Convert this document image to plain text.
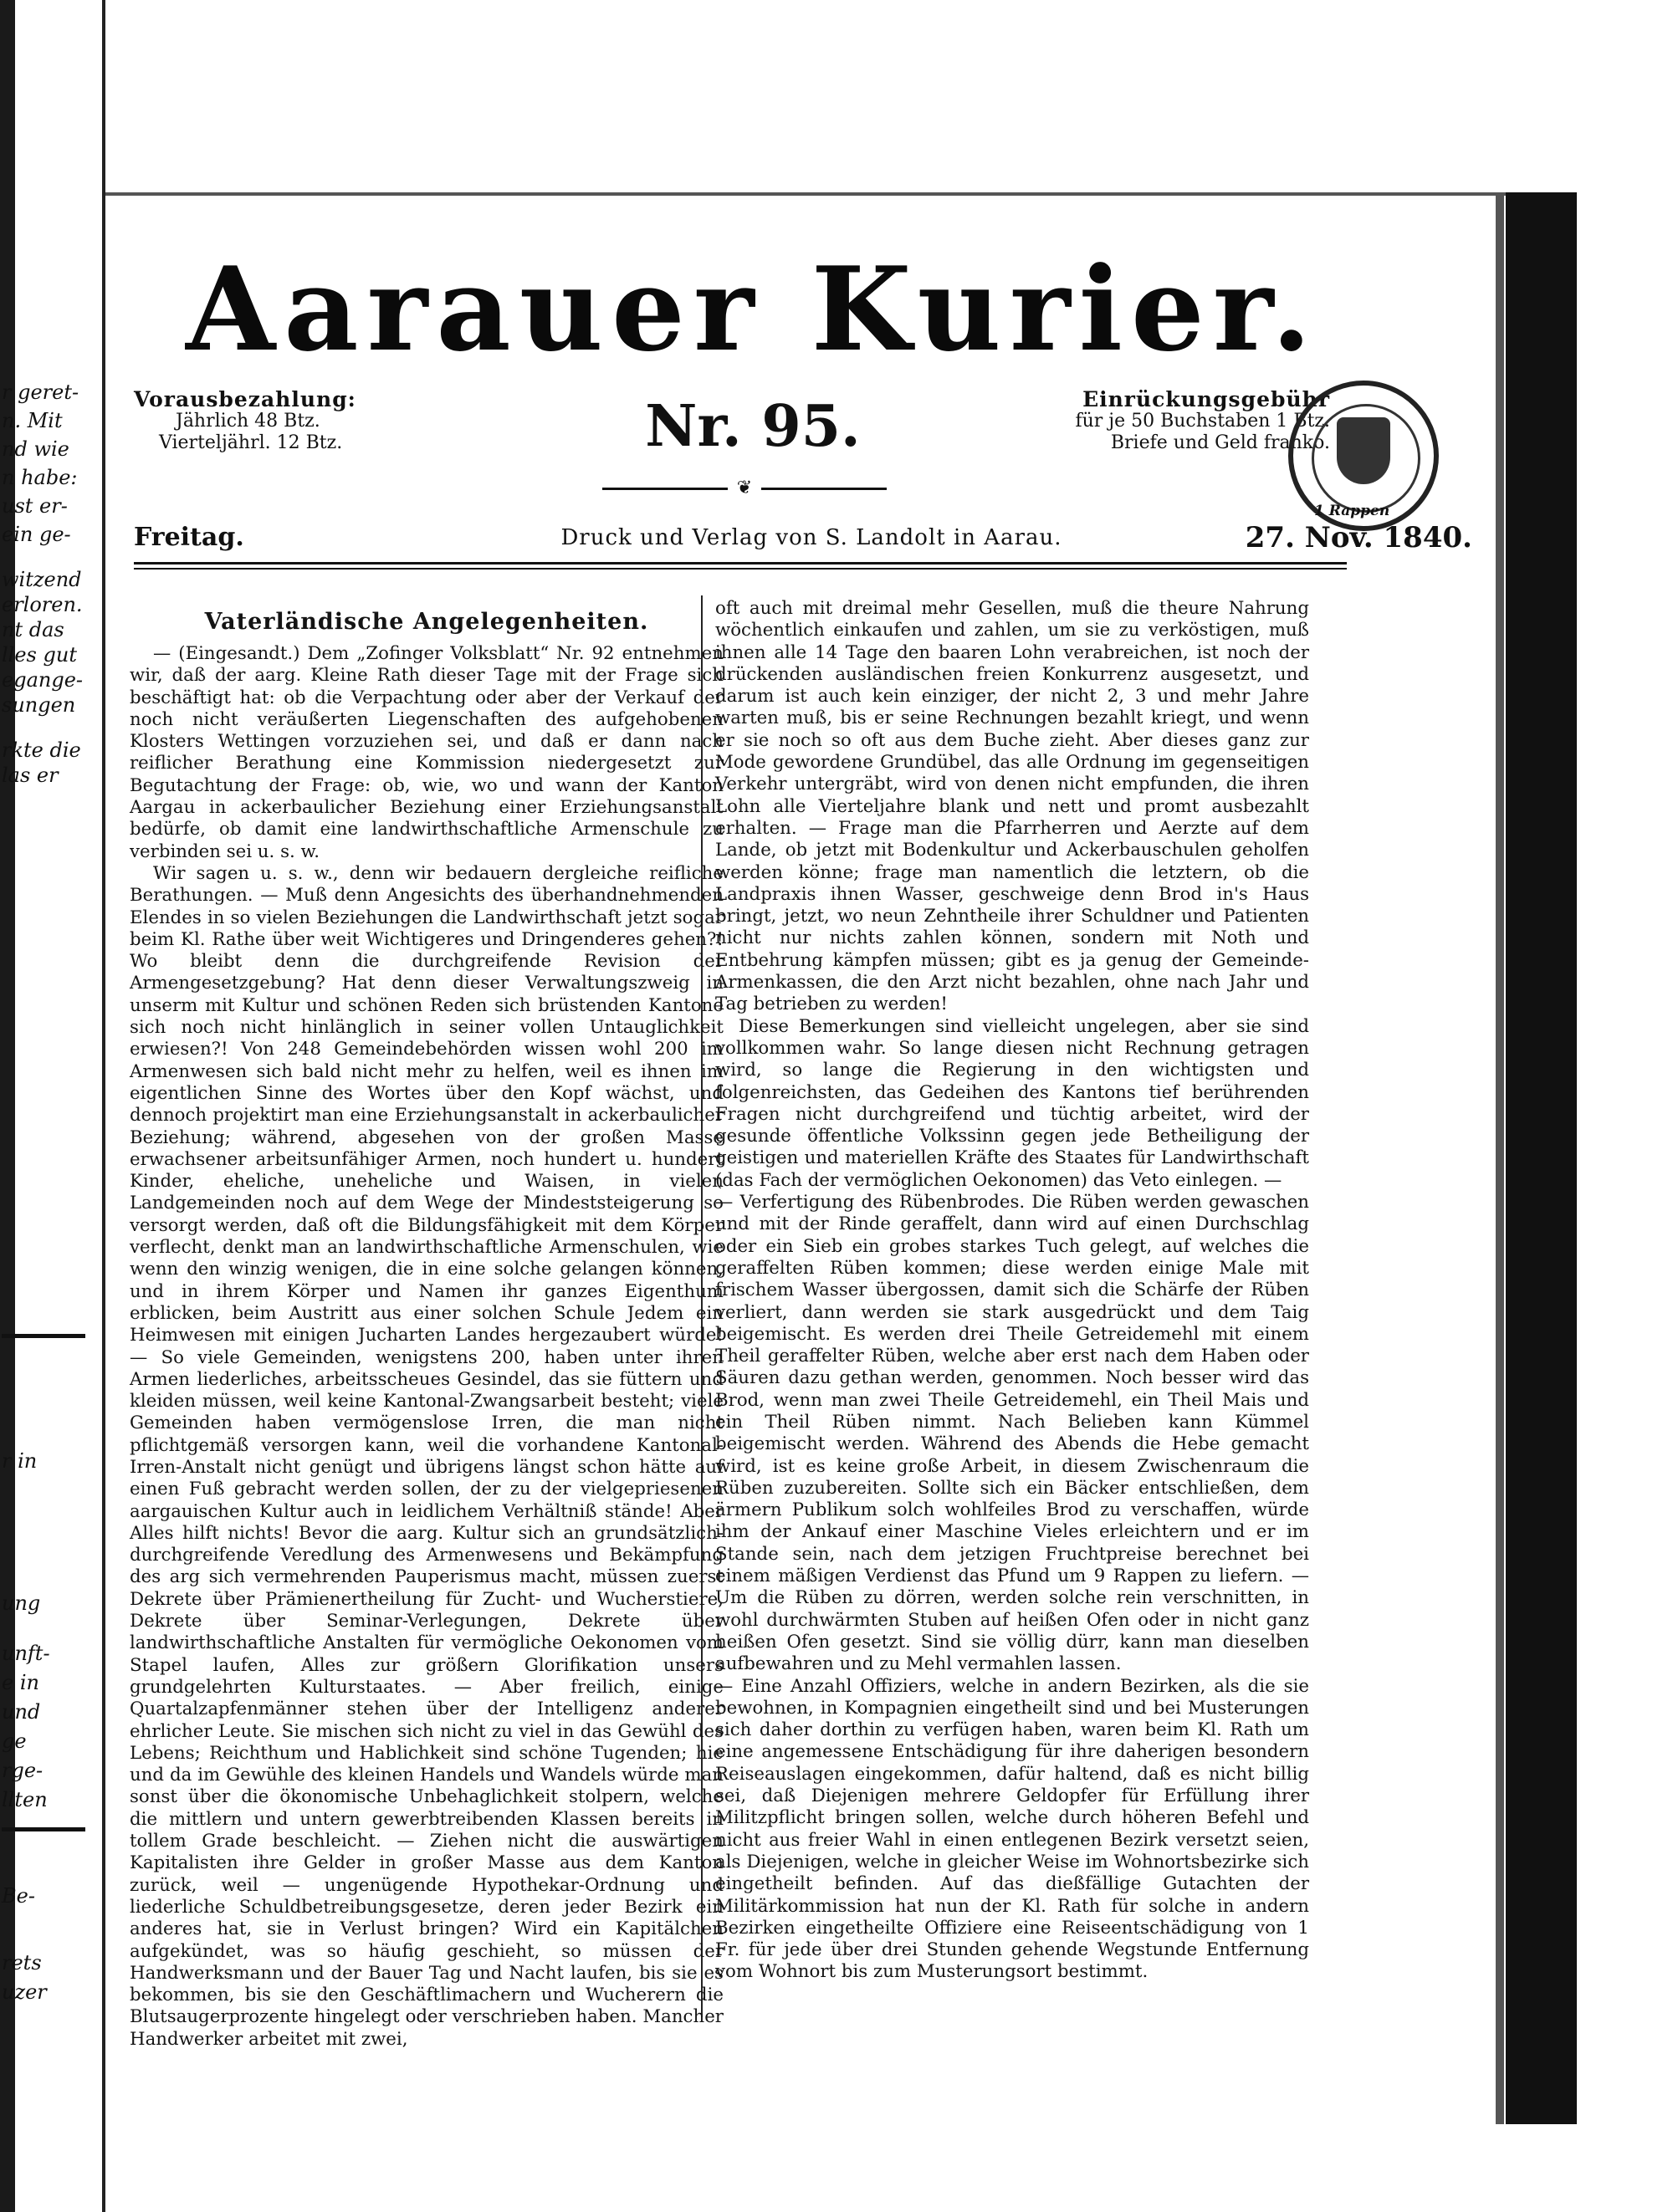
r geret-
n. Mit
nd wie
n habe:
ust er-
ein ge-
witzend
erloren.
nt das
lles gut
egange-
sungen
rkte die
las er
r in
ung
unft-
e in
und
ge
rge-
llten
Be-
rets
uzer
Aarauer Kurier.
Vorausbezahlung:
Jährlich 48 Btz.
Vierteljährl. 12 Btz.	Nr. 95.
❦
Einrückungsgebühr
für je 50 Buchstaben 1 Btz.
Briefe und Geld franko.
1 Rappen
Freitag.	Druck und Verlag von S. Landolt in Aarau.	27. Nov. 1840.
Vaterländische Angelegenheiten.

— (Eingesandt.) Dem „Zofinger Volksblatt“ Nr. 92 entnehmen wir, daß der aarg. Kleine Rath dieser Tage mit der Frage sich beschäftigt hat: ob die Verpachtung oder aber der Verkauf der noch nicht veräußerten Liegenschaften des aufgehobenen Klosters Wettingen vorzuziehen sei, und daß er dann nach reiflicher Berathung eine Kommission niedergesetzt zur Begutachtung der Frage: ob, wie, wo und wann der Kanton Aargau in ackerbaulicher Beziehung einer Erziehungsanstalt bedürfe, ob damit eine landwirthschaftliche Armenschule zu verbinden sei u. s. w.

Wir sagen u. s. w., denn wir bedauern dergleiche reifliche Berathungen. — Muß denn Angesichts des überhandnehmenden Elendes in so vielen Beziehungen die Landwirthschaft jetzt sogar beim Kl. Rathe über weit Wichtigeres und Dringenderes gehen?! Wo bleibt denn die durchgreifende Revision der Armengesetzgebung? Hat denn dieser Verwaltungszweig in unserm mit Kultur und schönen Reden sich brüstenden Kantone sich noch nicht hinlänglich in seiner vollen Untauglichkeit erwiesen?! Von 248 Gemeindebehörden wissen wohl 200 im Armenwesen sich bald nicht mehr zu helfen, weil es ihnen im eigentlichen Sinne des Wortes über den Kopf wächst, und dennoch projektirt man eine Erziehungsanstalt in ackerbaulicher Beziehung; während, abgesehen von der großen Masse erwachsener arbeitsunfähiger Armen, noch hundert u. hundert Kinder, eheliche, uneheliche und Waisen, in vielen Landgemeinden noch auf dem Wege der Mindeststeigerung so versorgt werden, daß oft die Bildungsfähigkeit mit dem Körper verflecht, denkt man an landwirthschaftliche Armenschulen, wie wenn den winzig wenigen, die in eine solche gelangen können, und in ihrem Körper und Namen ihr ganzes Eigenthum erblicken, beim Austritt aus einer solchen Schule Jedem ein Heimwesen mit einigen Jucharten Landes hergezaubert würde! — So viele Gemeinden, wenigstens 200, haben unter ihren Armen liederliches, arbeitsscheues Gesindel, das sie füttern und kleiden müssen, weil keine Kantonal-Zwangsarbeit besteht; viele Gemeinden haben vermögenslose Irren, die man nicht pflichtgemäß versorgen kann, weil die vorhandene Kantonal-Irren-Anstalt nicht genügt und übrigens längst schon hätte auf einen Fuß gebracht werden sollen, der zu der vielgepriesenen aargauischen Kultur auch in leidlichem Verhältniß stände! Aber Alles hilft nichts! Bevor die aarg. Kultur sich an grundsätzlich-durchgreifende Veredlung des Armenwesens und Bekämpfung des arg sich vermehrenden Pauperismus macht, müssen zuerst Dekrete über Prämienertheilung für Zucht- und Wucherstiere, Dekrete über Seminar-Verlegungen, Dekrete über landwirthschaftliche Anstalten für vermögliche Oekonomen vom Stapel laufen, Alles zur größern Glorifikation unsers grundgelehrten Kulturstaates. — Aber freilich, einige Quartalzapfenmänner stehen über der Intelligenz anderer ehrlicher Leute. Sie mischen sich nicht zu viel in das Gewühl des Lebens; Reichthum und Hablichkeit sind schöne Tugenden; hie und da im Gewühle des kleinen Handels und Wandels würde man sonst über die ökonomische Unbehaglichkeit stolpern, welche die mittlern und untern gewerbtreibenden Klassen bereits in tollem Grade beschleicht. — Ziehen nicht die auswärtigen Kapitalisten ihre Gelder in großer Masse aus dem Kanton zurück, weil — ungenügende Hypothekar-Ordnung und liederliche Schuldbetreibungsgesetze, deren jeder Bezirk ein anderes hat, sie in Verlust bringen? Wird ein Kapitälchen aufgekündet, was so häufig geschieht, so müssen der Handwerksmann und der Bauer Tag und Nacht laufen, bis sie es bekommen, bis sie den Geschäftlimachern und Wucherern die Blutsaugerprozente hingelegt oder verschrieben haben. Mancher Handwerker arbeitet mit zwei,

oft auch mit dreimal mehr Gesellen, muß die theure Nahrung wöchentlich einkaufen und zahlen, um sie zu verköstigen, muß ihnen alle 14 Tage den baaren Lohn verabreichen, ist noch der drückenden ausländischen freien Konkurrenz ausgesetzt, und darum ist auch kein einziger, der nicht 2, 3 und mehr Jahre warten muß, bis er seine Rechnungen bezahlt kriegt, und wenn er sie noch so oft aus dem Buche zieht. Aber dieses ganz zur Mode gewordene Grundübel, das alle Ordnung im gegenseitigen Verkehr untergräbt, wird von denen nicht empfunden, die ihren Lohn alle Vierteljahre blank und nett und promt ausbezahlt erhalten. — Frage man die Pfarrherren und Aerzte auf dem Lande, ob jetzt mit Bodenkultur und Ackerbauschulen geholfen werden könne; frage man namentlich die letztern, ob die Landpraxis ihnen Wasser, geschweige denn Brod in's Haus bringt, jetzt, wo neun Zehntheile ihrer Schuldner und Patienten nicht nur nichts zahlen können, sondern mit Noth und Entbehrung kämpfen müssen; gibt es ja genug der Gemeinde-Armenkassen, die den Arzt nicht bezahlen, ohne nach Jahr und Tag betrieben zu werden!

Diese Bemerkungen sind vielleicht ungelegen, aber sie sind vollkommen wahr. So lange diesen nicht Rechnung getragen wird, so lange die Regierung in den wichtigsten und folgenreichsten, das Gedeihen des Kantons tief berührenden Fragen nicht durchgreifend und tüchtig arbeitet, wird der gesunde öffentliche Volkssinn gegen jede Betheiligung der geistigen und materiellen Kräfte des Staates für Landwirthschaft (das Fach der vermöglichen Oekonomen) das Veto einlegen. —

— Verfertigung des Rübenbrodes. Die Rüben werden gewaschen und mit der Rinde geraffelt, dann wird auf einen Durchschlag oder ein Sieb ein grobes starkes Tuch gelegt, auf welches die geraffelten Rüben kommen; diese werden einige Male mit frischem Wasser übergossen, damit sich die Schärfe der Rüben verliert, dann werden sie stark ausgedrückt und dem Taig beigemischt. Es werden drei Theile Getreidemehl mit einem Theil geraffelter Rüben, welche aber erst nach dem Haben oder Säuren dazu gethan werden, genommen. Noch besser wird das Brod, wenn man zwei Theile Getreidemehl, ein Theil Mais und ein Theil Rüben nimmt. Nach Belieben kann Kümmel beigemischt werden. Während des Abends die Hebe gemacht wird, ist es keine große Arbeit, in diesem Zwischenraum die Rüben zuzubereiten. Sollte sich ein Bäcker entschließen, dem ärmern Publikum solch wohlfeiles Brod zu verschaffen, würde ihm der Ankauf einer Maschine Vieles erleichtern und er im Stande sein, nach dem jetzigen Fruchtpreise berechnet bei einem mäßigen Verdienst das Pfund um 9 Rappen zu liefern. — Um die Rüben zu dörren, werden solche rein verschnitten, in wohl durchwärmten Stuben auf heißen Ofen oder in nicht ganz heißen Ofen gesetzt. Sind sie völlig dürr, kann man dieselben aufbewahren und zu Mehl vermahlen lassen.

— Eine Anzahl Offiziers, welche in andern Bezirken, als die sie bewohnen, in Kompagnien eingetheilt sind und bei Musterungen sich daher dorthin zu verfügen haben, waren beim Kl. Rath um eine angemessene Entschädigung für ihre daherigen besondern Reiseauslagen eingekommen, dafür haltend, daß es nicht billig sei, daß Diejenigen mehrere Geldopfer für Erfüllung ihrer Militzpflicht bringen sollen, welche durch höheren Befehl und nicht aus freier Wahl in einen entlegenen Bezirk versetzt seien, als Diejenigen, welche in gleicher Weise im Wohnortsbezirke sich eingetheilt befinden. Auf das dießfällige Gutachten der Militärkommission hat nun der Kl. Rath für solche in andern Bezirken eingetheilte Offiziere eine Reiseentschädigung von 1 Fr. für jede über drei Stunden gehende Wegstunde Entfernung vom Wohnort bis zum Musterungsort bestimmt.
